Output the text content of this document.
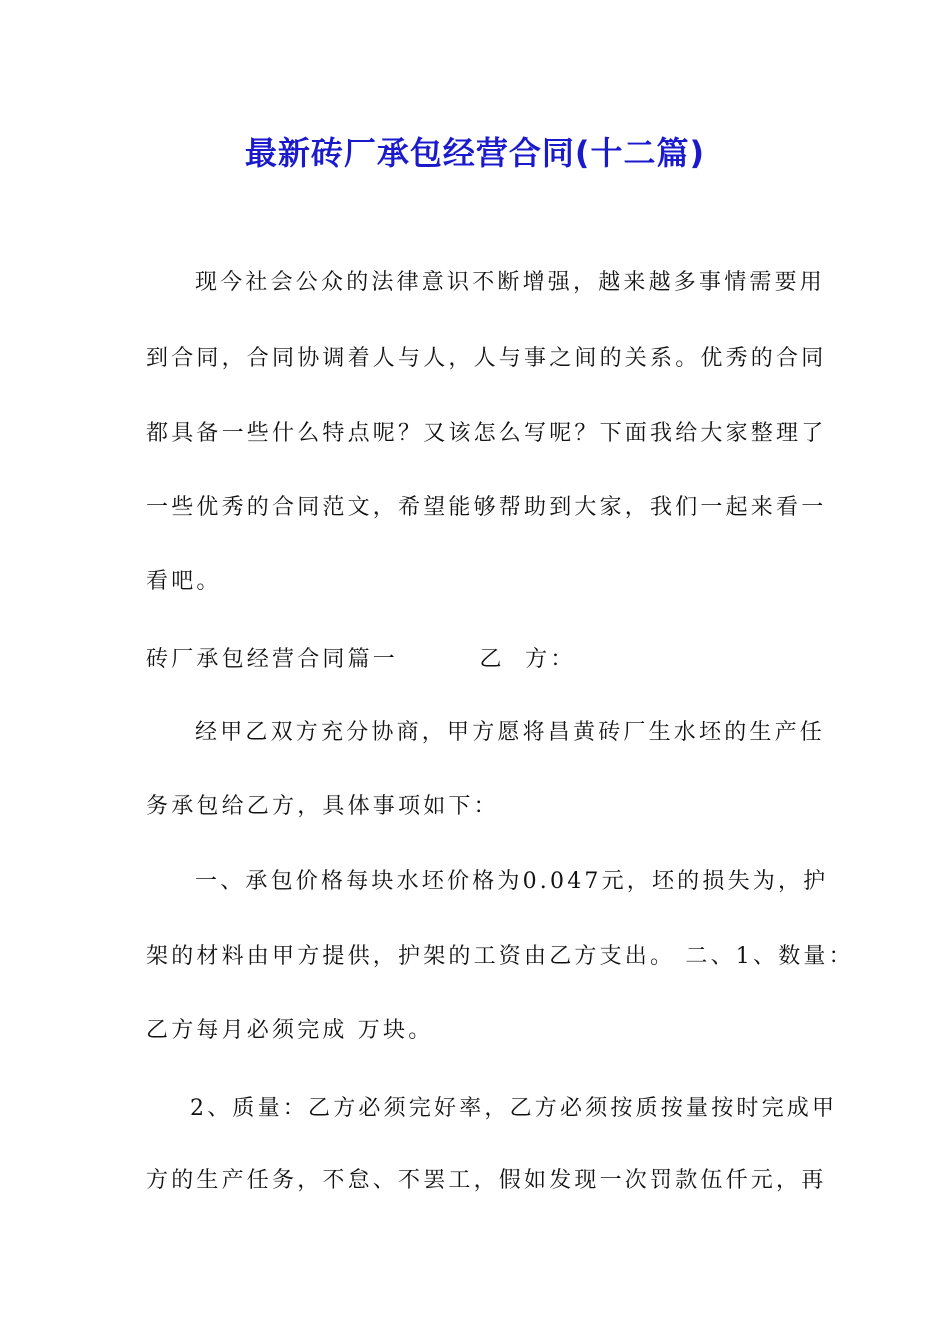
最新砖厂承包经营合同(十二篇)
现今社会公众的法律意识不断增强，越来越多事情需要用
到合同，合同协调着人与人，人与事之间的关系。优秀的合同
都具备一些什么特点呢？又该怎么写呢？下面我给大家整理了
一些优秀的合同范文，希望能够帮助到大家，我们一起来看一
看吧。
砖厂承包经营合同篇一        乙  方：
经甲乙双方充分协商，甲方愿将昌黄砖厂生水坯的生产任
务承包给乙方，具体事项如下：
一、承包价格每块水坯价格为0.047元，坯的损失为，护
架的材料由甲方提供，护架的工资由乙方支出。 二、1、数量：
乙方每月必须完成 万块。
2、质量：乙方必须完好率，乙方必须按质按量按时完成甲
方的生产任务，不怠、不罢工，假如发现一次罚款伍仟元，再
